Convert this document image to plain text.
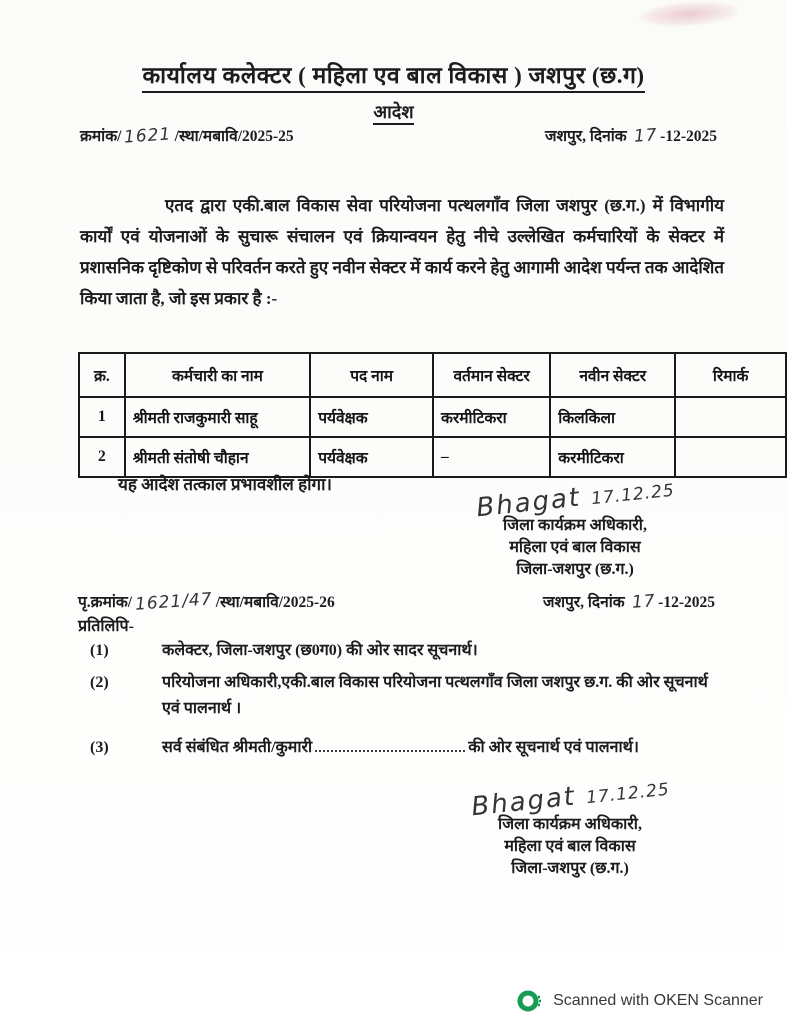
कार्यालय कलेक्टर ( महिला एव बाल विकास ) जशपुर (छ.ग)
आदेश
क्रमांक/ 1621 /स्था/मबावि/2025-25	जशपुर, दिनांक 17 -12-2025
एतद द्वारा एकी.बाल विकास सेवा परियोजना पत्थलगाँव जिला जशपुर (छ.ग.) में विभागीय कार्यों एवं योजनाओं के सुचारू संचालन एवं क्रियान्वयन हेतु नीचे उल्लेखित कर्मचारियों के सेक्टर में प्रशासनिक दृष्टिकोण से परिवर्तन करते हुए नवीन सेक्टर में कार्य करने हेतु आगामी आदेश पर्यन्त तक आदेशित किया जाता है, जो इस प्रकार है :-
क्र.	कर्मचारी का नाम	पद नाम	वर्तमान सेक्टर	नवीन सेक्टर	रिमार्क
1	श्रीमती राजकुमारी साहू	पर्यवेक्षक	करमीटिकरा	किलकिला	
2	श्रीमती संतोषी चौहान	पर्यवेक्षक	–	करमीटिकरा	
यह आदेश तत्काल प्रभावशील होगा।	Bhagat 17.12.25
जिला कार्यक्रम अधिकारी,
महिला एवं बाल विकास
जिला-जशपुर (छ.ग.)
पृ.क्रमांक/ 1621/47 /स्था/मबावि/2025-26	जशपुर, दिनांक 17 -12-2025
प्रतिलिपि-
(1)	कलेक्टर, जिला-जशपुर (छ0ग0) की ओर सादर सूचनार्थ।
(2)	परियोजना अधिकारी,एकी.बाल विकास परियोजना पत्थलगाँव जिला जशपुर छ.ग. की ओर सूचनार्थ एवं पालनार्थ ।
(3)	सर्व संबंधित श्रीमती/कुमारी	की ओर सूचनार्थ एवं पालनार्थ।
Bhagat 17.12.25
जिला कार्यक्रम अधिकारी,
महिला एवं बाल विकास
जिला-जशपुर (छ.ग.)
Scanned with OKEN Scanner
